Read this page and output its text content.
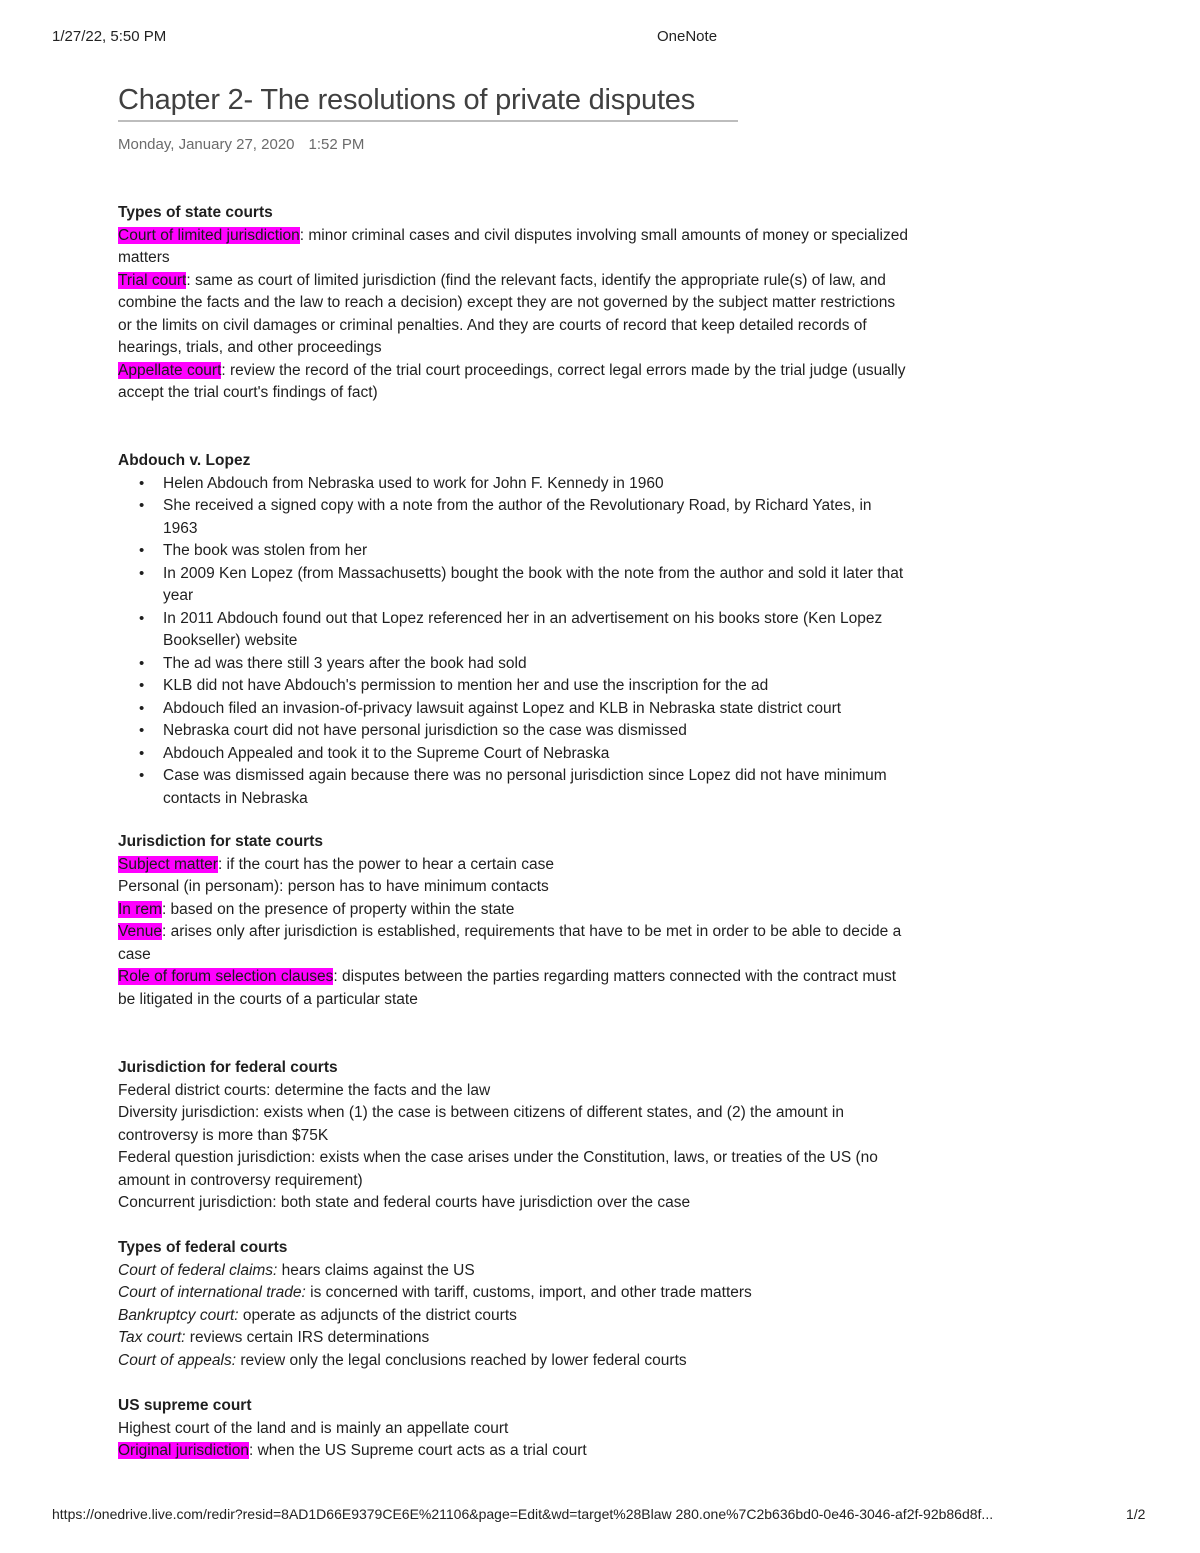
1/27/22, 5:50 PM	OneNote
Chapter 2- The resolutions of private disputes
Monday, January 27, 2020 1:52 PM
Types of state courts

Court of limited jurisdiction: minor criminal cases and civil disputes involving small amounts of money or specialized matters

Trial court: same as court of limited jurisdiction (find the relevant facts, identify the appropriate rule(s) of law, and combine the facts and the law to reach a decision) except they are not governed by the subject matter restrictions or the limits on civil damages or criminal penalties. And they are courts of record that keep detailed records of hearings, trials, and other proceedings

Appellate court: review the record of the trial court proceedings, correct legal errors made by the trial judge (usually accept the trial court's findings of fact)

Abdouch v. Lopez
• Helen Abdouch from Nebraska used to work for John F. Kennedy in 1960
• She received a signed copy with a note from the author of the Revolutionary Road, by Richard Yates, in 1963
• The book was stolen from her
• In 2009 Ken Lopez (from Massachusetts) bought the book with the note from the author and sold it later that year
• In 2011 Abdouch found out that Lopez referenced her in an advertisement on his books store (Ken Lopez Bookseller) website
• The ad was there still 3 years after the book had sold
• KLB did not have Abdouch's permission to mention her and use the inscription for the ad
• Abdouch filed an invasion-of-privacy lawsuit against Lopez and KLB in Nebraska state district court
• Nebraska court did not have personal jurisdiction so the case was dismissed
• Abdouch Appealed and took it to the Supreme Court of Nebraska
• Case was dismissed again because there was no personal jurisdiction since Lopez did not have minimum contacts in Nebraska
Jurisdiction for state courts

Subject matter: if the court has the power to hear a certain case

Personal (in personam): person has to have minimum contacts

In rem: based on the presence of property within the state

Venue: arises only after jurisdiction is established, requirements that have to be met in order to be able to decide a case

Role of forum selection clauses: disputes between the parties regarding matters connected with the contract must be litigated in the courts of a particular state

Jurisdiction for federal courts

Federal district courts: determine the facts and the law

Diversity jurisdiction: exists when (1) the case is between citizens of different states, and (2) the amount in controversy is more than $75K

Federal question jurisdiction: exists when the case arises under the Constitution, laws, or treaties of the US (no amount in controversy requirement)

Concurrent jurisdiction: both state and federal courts have jurisdiction over the case

Types of federal courts

Court of federal claims: hears claims against the US

Court of international trade: is concerned with tariff, customs, import, and other trade matters

Bankruptcy court: operate as adjuncts of the district courts

Tax court: reviews certain IRS determinations

Court of appeals: review only the legal conclusions reached by lower federal courts

US supreme court

Highest court of the land and is mainly an appellate court

Original jurisdiction: when the US Supreme court acts as a trial court

https://onedrive.live.com/redir?resid=8AD1D66E9379CE6E%21106&page=Edit&wd=target%28Blaw 280.one%7C2b636bd0-0e46-3046-af2f-92b86d8f...	1/2
